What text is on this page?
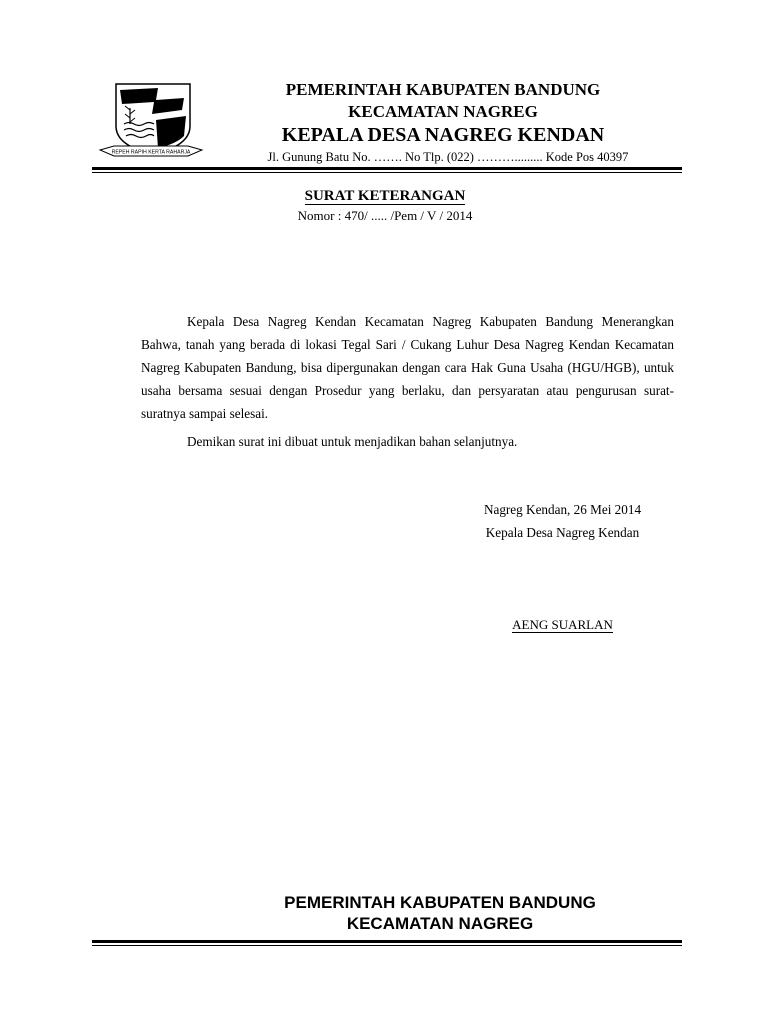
REPEH RAPIH KERTA RAHARJA
PEMERINTAH KABUPATEN BANDUNG
KECAMATAN NAGREG
KEPALA DESA NAGREG KENDAN
Jl. Gunung Batu No. ……. No Tlp. (022) ………......... Kode Pos 40397
SURAT KETERANGAN
Nomor : 470/ ..... /Pem / V / 2014
Kepala Desa Nagreg Kendan Kecamatan Nagreg Kabupaten Bandung Menerangkan Bahwa, tanah yang berada di lokasi Tegal Sari / Cukang Luhur Desa Nagreg Kendan Kecamatan Nagreg Kabupaten Bandung, bisa dipergunakan dengan cara Hak Guna Usaha (HGU/HGB), untuk usaha bersama sesuai dengan Prosedur yang berlaku, dan persyaratan atau pengurusan surat-suratnya sampai selesai.
Demikan surat ini dibuat untuk menjadikan bahan selanjutnya.
Nagreg Kendan, 26 Mei 2014
Kepala Desa Nagreg Kendan
AENG SUARLAN
PEMERINTAH KABUPATEN BANDUNG
KECAMATAN NAGREG
